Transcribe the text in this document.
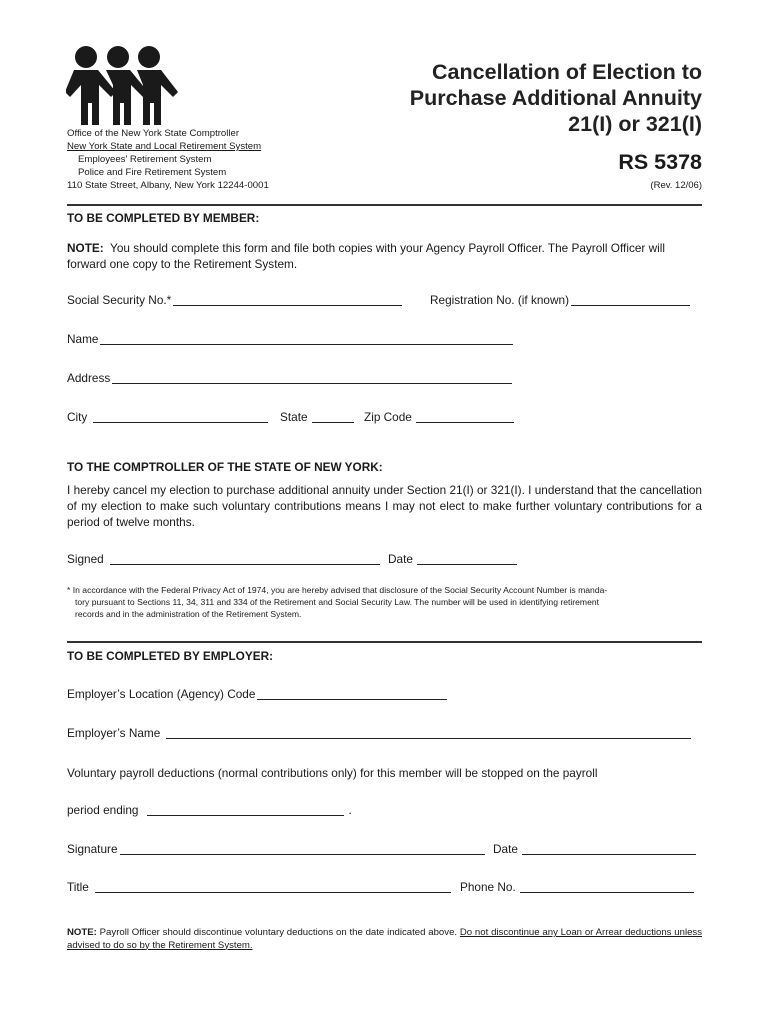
Office of the New York State Comptroller
New York State and Local Retirement System
Employees’ Retirement System
Police and Fire Retirement System
110 State Street, Albany, New York 12244-0001
Cancellation of Election to
Purchase Additional Annuity
21(I) or 321(I)
RS 5378
(Rev. 12/06)
TO BE COMPLETED BY MEMBER:
NOTE: You should complete this form and file both copies with your Agency Payroll Officer. The Payroll Officer will forward one copy to the Retirement System.
Social Security No.*	Registration No. (if known)
Name
Address
City	State	Zip Code
TO THE COMPTROLLER OF THE STATE OF NEW YORK:
I hereby cancel my election to purchase additional annuity under Section 21(I) or 321(I). I understand that the cancellation of my election to make such voluntary contributions means I may not elect to make further voluntary contributions for a period of twelve months.
Signed	Date
* In accordance with the Federal Privacy Act of 1974, you are hereby advised that disclosure of the Social Security Account Number is manda-
tory pursuant to Sections 11, 34, 311 and 334 of the Retirement and Social Security Law. The number will be used in identifying retirement
records and in the administration of the Retirement System.
TO BE COMPLETED BY EMPLOYER:
Employer’s Location (Agency) Code
Employer’s Name
Voluntary payroll deductions (normal contributions only) for this member will be stopped on the payroll
period ending	.
Signature	Date
Title	Phone No.
NOTE: Payroll Officer should discontinue voluntary deductions on the date indicated above. Do not discontinue any Loan or Arrear deductions unless advised to do so by the Retirement System.
